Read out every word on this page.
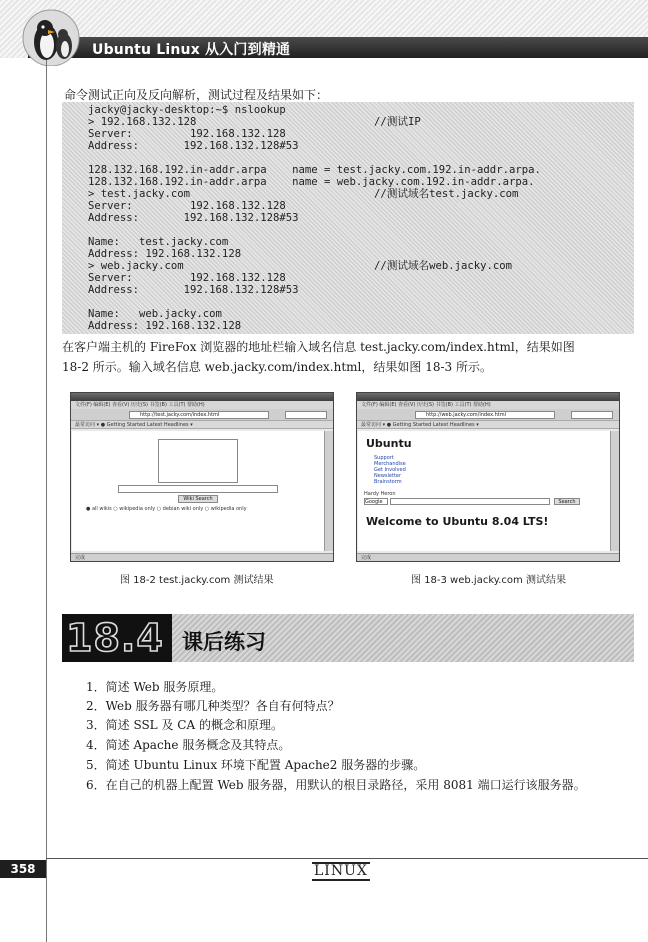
Ubuntu Linux 从入门到精通
命令测试正向及反向解析，测试过程及结果如下：
jacky@jacky-desktop:~$ nslookup
> 192.168.132.128	//测试IP
Server:         192.168.132.128
Address:       192.168.132.128#53
128.132.168.192.in-addr.arpa    name = test.jacky.com.192.in-addr.arpa.
128.132.168.192.in-addr.arpa    name = web.jacky.com.192.in-addr.arpa.
> test.jacky.com	//测试域名test.jacky.com
Server:         192.168.132.128
Address:       192.168.132.128#53
Name:   test.jacky.com
Address: 192.168.132.128
> web.jacky.com	//测试域名web.jacky.com
Server:         192.168.132.128
Address:       192.168.132.128#53
Name:   web.jacky.com
Address: 192.168.132.128
在客户端主机的 FireFox 浏览器的地址栏输入域名信息 test.jacky.com/index.html，结果如图
18-2 所示。输入域名信息 web.jacky.com/index.html，结果如图 18-3 所示。
文件(F) 编辑(E) 查看(V) 历史(S) 书签(B) 工具(T) 帮助(H)
http://test.jacky.com/index.html
最常访问 ▾ ● Getting Started Latest Headlines ▾
Wiki Search
● all wikis ○ wikipedia only ○ debian wiki only ○ wikipedia only
完成
文件(F) 编辑(E) 查看(V) 历史(S) 书签(B) 工具(T) 帮助(H)
http://web.jacky.com/index.html
最常访问 ▾ ● Getting Started Latest Headlines ▾
Ubuntu
Support
Merchandise
Get Involved
Newsletter
Brainstorm
Hardy Heron
Google	Search
Welcome to Ubuntu 8.04 LTS!
完成
图 18-2 test.jacky.com 测试结果	图 18-3 web.jacky.com 测试结果
18.4 课后练习
1．简述 Web 服务原理。
2．Web 服务器有哪几种类型？各自有何特点？
3．简述 SSL 及 CA 的概念和原理。
4．简述 Apache 服务概念及其特点。
5．简述 Ubuntu Linux 环境下配置 Apache2 服务器的步骤。
6．在自己的机器上配置 Web 服务器，用默认的根目录路径，采用 8081 端口运行该服务器。
358	LINUX
